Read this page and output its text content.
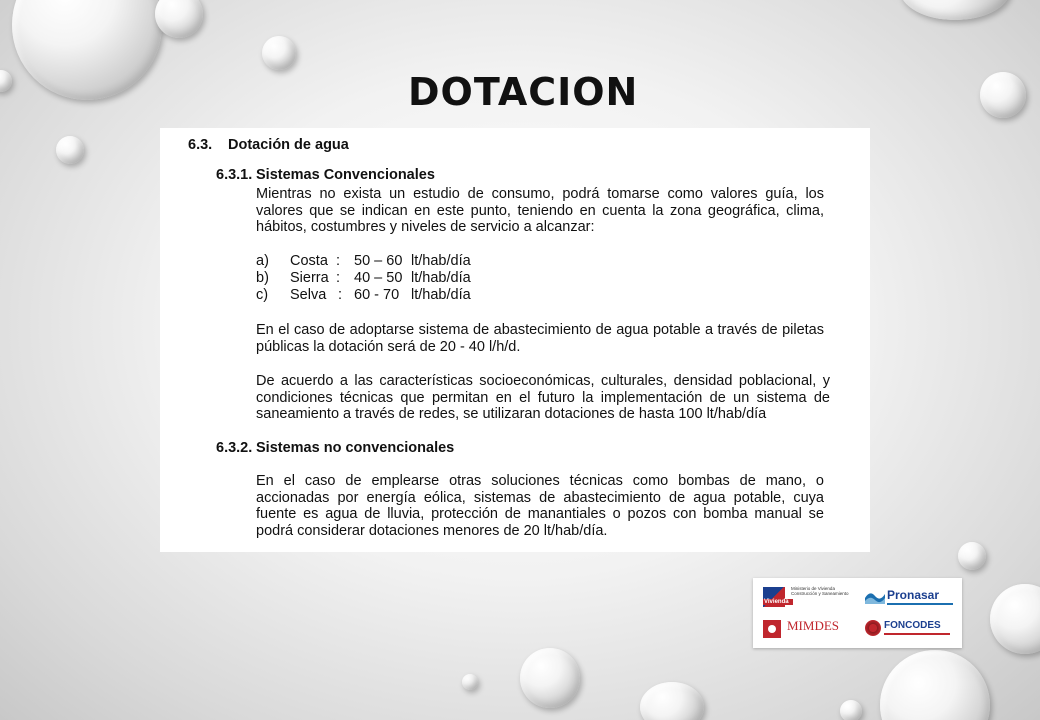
DOTACION
6.3. Dotación de agua
6.3.1. Sistemas Convencionales
Mientras no exista un estudio de consumo, podrá tomarse como valores guía, los valores que se indican en este punto, teniendo en cuenta la zona geográfica, clima, hábitos, costumbres y niveles de servicio a alcanzar:
a) Costa : 50 – 60 lt/hab/día
b) Sierra : 40 – 50 lt/hab/día
c) Selva : 60 - 70 lt/hab/día
En el caso de adoptarse sistema de abastecimiento de agua potable a través de piletas públicas la dotación será de 20 - 40 l/h/d.
De acuerdo a las características socioeconómicas, culturales, densidad poblacional, y condiciones técnicas que permitan en el futuro la implementación de un sistema de saneamiento a través de redes, se utilizaran dotaciones de hasta 100 lt/hab/día
6.3.2. Sistemas no convencionales
En el caso de emplearse otras soluciones técnicas como bombas de mano, o accionadas por energía eólica, sistemas de abastecimiento de agua potable, cuya fuente es agua de lluvia, protección de manantiales o pozos con bomba manual se podrá considerar dotaciones menores de 20 lt/hab/día.
Vivienda
Ministerio de Vivienda Construcción y Saneamiento	Pronasar
MIMDES	FONCODES
